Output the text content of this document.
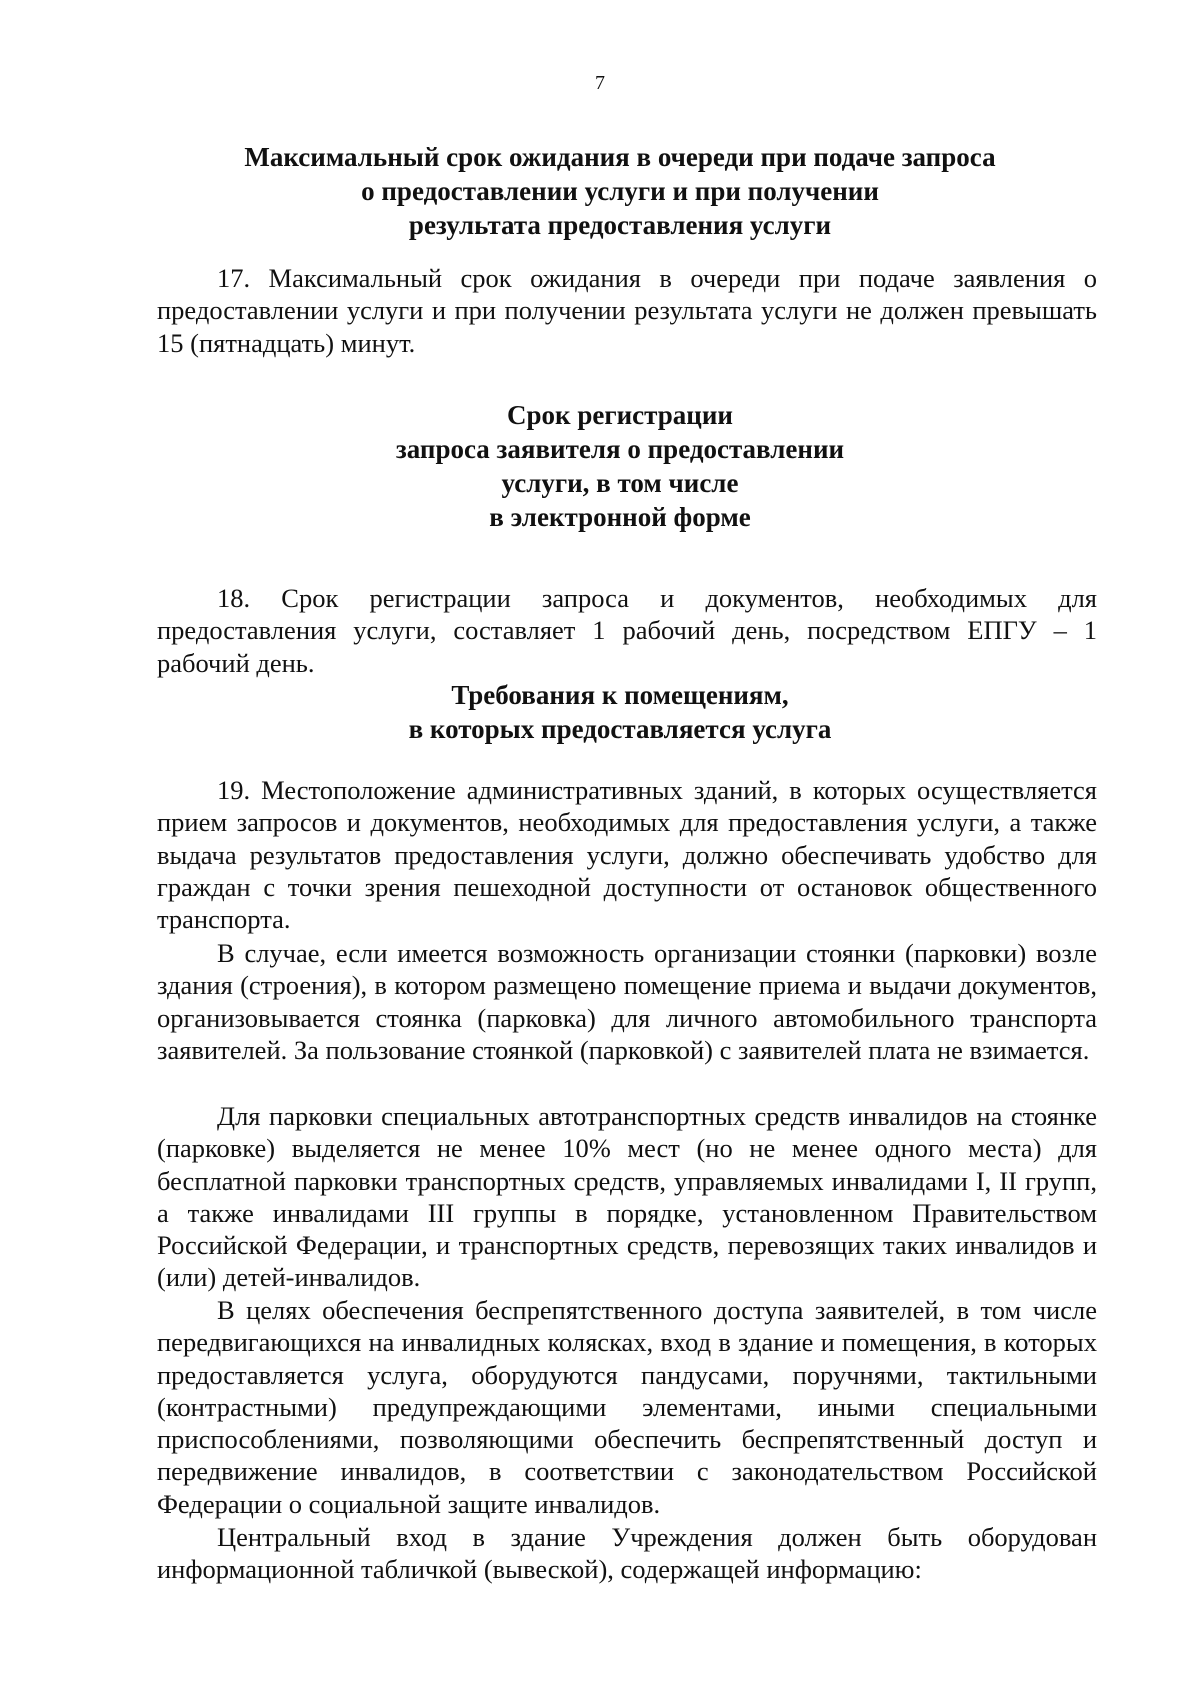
7
Максимальный срок ожидания в очереди при подаче запроса
о предоставлении услуги и при получении
результата предоставления услуги

17. Максимальный срок ожидания в очереди при подаче заявления о предоставлении услуги и при получении результата услуги не должен превышать 15 (пятнадцать) минут.

Срок регистрации
запроса заявителя о предоставлении
услуги, в том числе
в электронной форме

18. Срок регистрации запроса и документов, необходимых для предоставления услуги, составляет 1 рабочий день, посредством ЕПГУ – 1 рабочий день.

Требования к помещениям,
в которых предоставляется услуга

19. Местоположение административных зданий, в которых осуществляется прием запросов и документов, необходимых для предоставления услуги, а также выдача результатов предоставления услуги, должно обеспечивать удобство для граждан с точки зрения пешеходной доступности от остановок общественного транспорта.

В случае, если имеется возможность организации стоянки (парковки) возле здания (строения), в котором размещено помещение приема и выдачи документов, организовывается стоянка (парковка) для личного автомобильного транспорта заявителей. За пользование стоянкой (парковкой) с заявителей плата не взимается.

Для парковки специальных автотранспортных средств инвалидов на стоянке (парковке) выделяется не менее 10% мест (но не менее одного места) для бесплатной парковки транспортных средств, управляемых инвалидами I, II групп, а также инвалидами III группы в порядке, установленном Правительством Российской Федерации, и транспортных средств, перевозящих таких инвалидов и (или) детей-инвалидов.

В целях обеспечения беспрепятственного доступа заявителей, в том числе передвигающихся на инвалидных колясках, вход в здание и помещения, в которых предоставляется услуга, оборудуются пандусами, поручнями, тактильными (контрастными) предупреждающими элементами, иными специальными приспособлениями, позволяющими обеспечить беспрепятственный доступ и передвижение инвалидов, в соответствии с законодательством Российской Федерации о социальной защите инвалидов.

Центральный вход в здание Учреждения должен быть оборудован информационной табличкой (вывеской), содержащей информацию:
